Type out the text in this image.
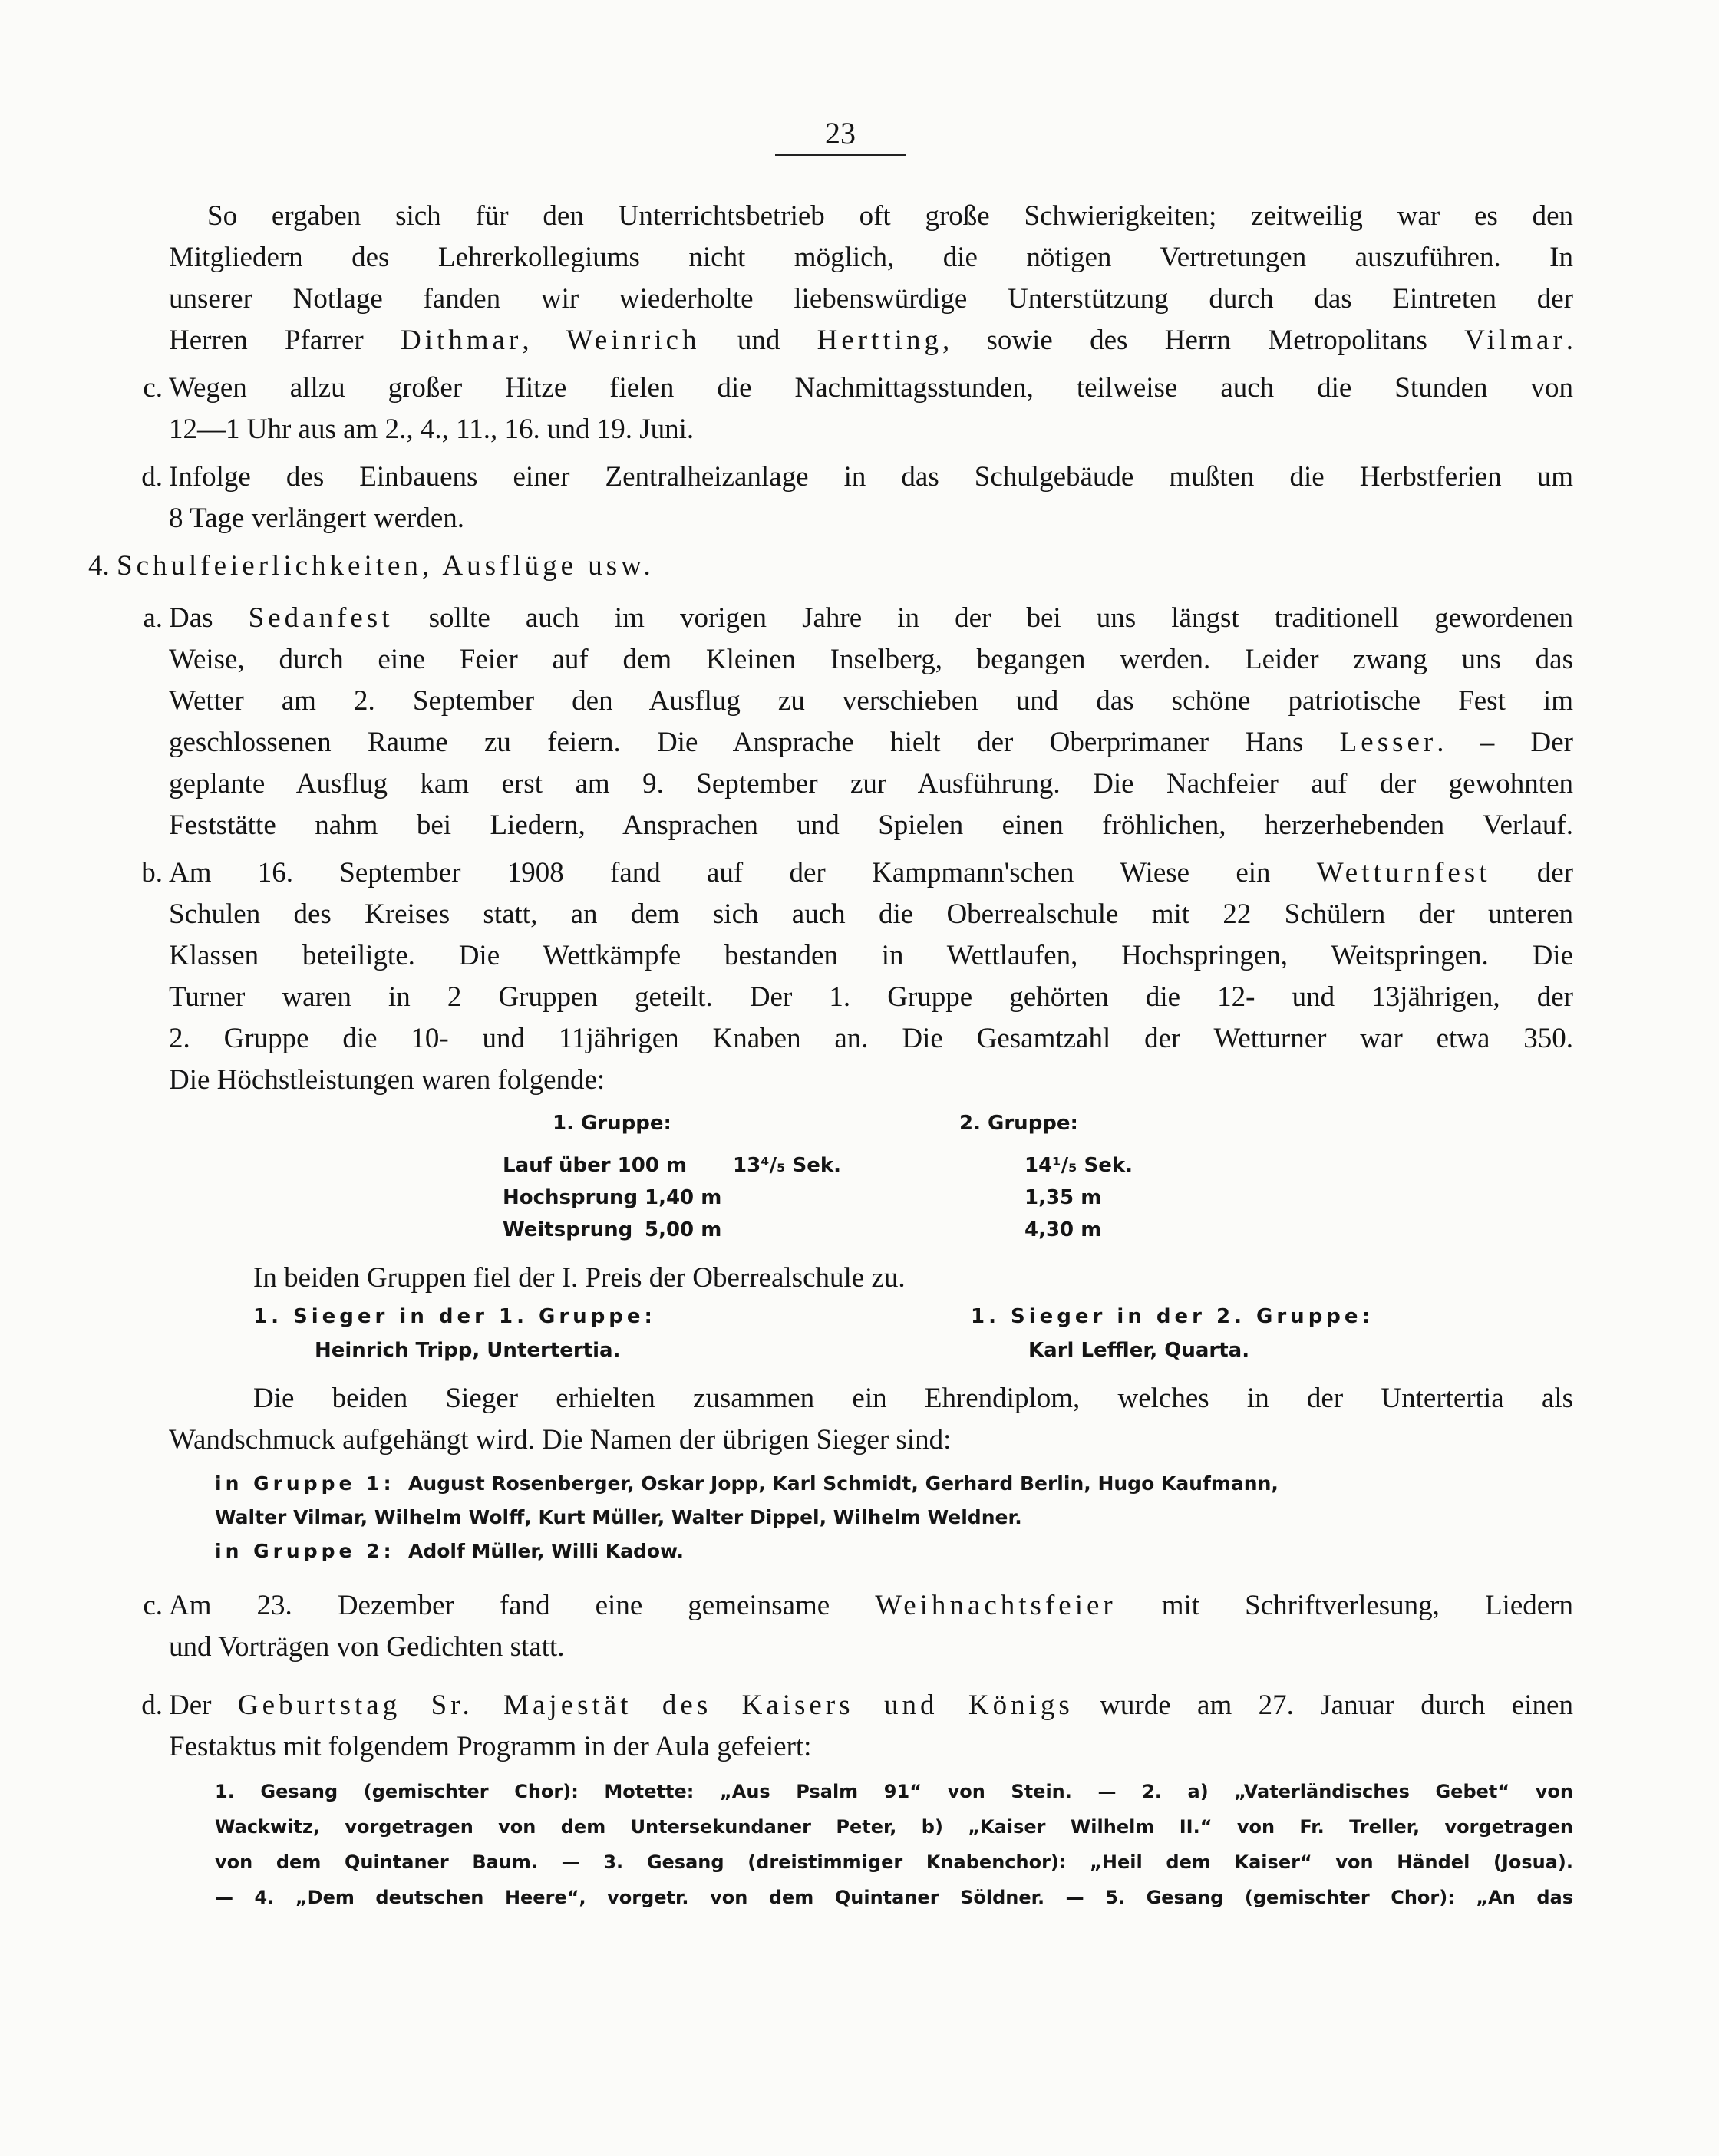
23

So ergaben sich für den Unterrichtsbetrieb oft große Schwierigkeiten; zeitweilig war es den

Mitgliedern des Lehrerkollegiums nicht möglich, die nötigen Vertretungen auszuführen. In

unserer Notlage fanden wir wiederholte liebenswürdige Unterstützung durch das Eintreten der

Herren Pfarrer Dithmar, Weinrich und Hertting, sowie des Herrn Metropolitans Vilmar.

c. Wegen allzu großer Hitze fielen die Nachmittagsstunden, teilweise auch die Stunden von

12—1 Uhr aus am 2., 4., 11., 16. und 19. Juni.

d. Infolge des Einbauens einer Zentralheizanlage in das Schulgebäude mußten die Herbstferien um

8 Tage verlängert werden.

4. Schulfeierlichkeiten, Ausflüge usw.
a. Das Sedanfest sollte auch im vorigen Jahre in der bei uns längst traditionell gewordenen

Weise, durch eine Feier auf dem Kleinen Inselberg, begangen werden. Leider zwang uns das

Wetter am 2. September den Ausflug zu verschieben und das schöne patriotische Fest im

geschlossenen Raume zu feiern. Die Ansprache hielt der Oberprimaner Hans Lesser. – Der

geplante Ausflug kam erst am 9. September zur Ausführung. Die Nachfeier auf der gewohnten

Feststätte nahm bei Liedern, Ansprachen und Spielen einen fröhlichen, herzerhebenden Verlauf.

b. Am 16. September 1908 fand auf der Kampmann'schen Wiese ein Wetturnfest der

Schulen des Kreises statt, an dem sich auch die Oberrealschule mit 22 Schülern der unteren

Klassen beteiligte. Die Wettkämpfe bestanden in Wettlaufen, Hochspringen, Weitspringen. Die

Turner waren in 2 Gruppen geteilt. Der 1. Gruppe gehörten die 12- und 13jährigen, der

2. Gruppe die 10- und 11jährigen Knaben an. Die Gesamtzahl der Wetturner war etwa 350.

Die Höchstleistungen waren folgende:

1. Gruppe:	2. Gruppe:
Lauf über 100 m 13⁴/₅ Sek.	14¹/₅ Sek.
Hochsprung 1,40 m	1,35 m
Weitsprung 5,00 m	4,30 m

In beiden Gruppen fiel der I. Preis der Oberrealschule zu.

1. Sieger in der 1. Gruppe:
Heinrich Tripp, Untertertia.
1. Sieger in der 2. Gruppe:
Karl Leffler, Quarta.

Die beiden Sieger erhielten zusammen ein Ehrendiplom, welches in der Untertertia als

Wandschmuck aufgehängt wird. Die Namen der übrigen Sieger sind:

in Gruppe 1: August Rosenberger, Oskar Jopp, Karl Schmidt, Gerhard Berlin, Hugo Kaufmann,
Walter Vilmar, Wilhelm Wolff, Kurt Müller, Walter Dippel, Wilhelm Weldner.
in Gruppe 2: Adolf Müller, Willi Kadow.
c. Am 23. Dezember fand eine gemeinsame Weihnachtsfeier mit Schriftverlesung, Liedern

und Vorträgen von Gedichten statt.

d. Der Geburtstag Sr. Majestät des Kaisers und Königs wurde am 27. Januar durch einen

Festaktus mit folgendem Programm in der Aula gefeiert:

1. Gesang (gemischter Chor): Motette: „Aus Psalm 91“ von Stein. — 2. a) „Vaterländisches Gebet“ von

Wackwitz, vorgetragen von dem Untersekundaner Peter, b) „Kaiser Wilhelm II.“ von Fr. Treller, vorgetragen

von dem Quintaner Baum. — 3. Gesang (dreistimmiger Knabenchor): „Heil dem Kaiser“ von Händel (Josua).

— 4. „Dem deutschen Heere“, vorgetr. von dem Quintaner Söldner. — 5. Gesang (gemischter Chor): „An das
